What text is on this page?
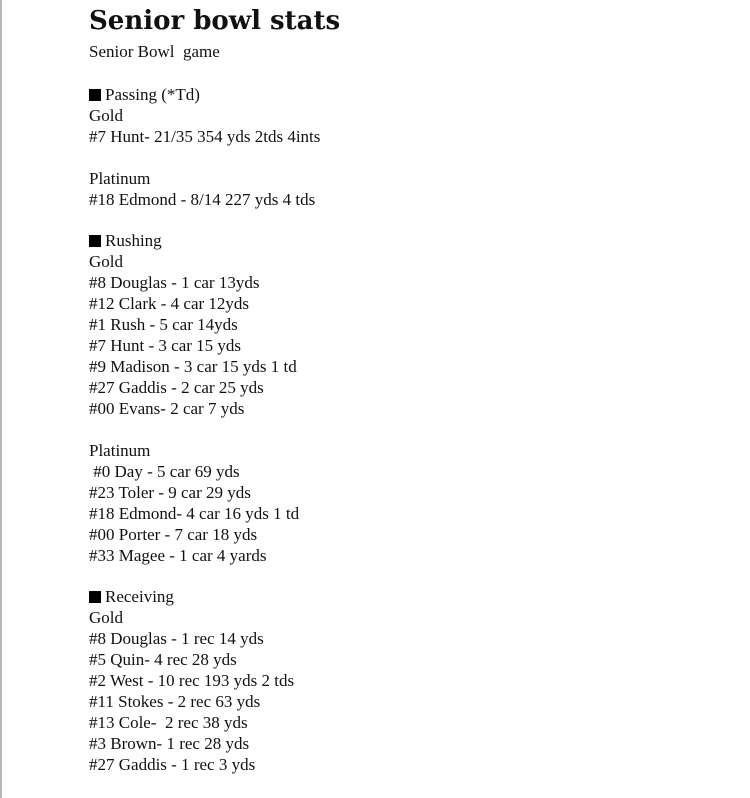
Senior bowl stats
Senior Bowl  game
Passing (*Td)
Gold
#7 Hunt- 21/35 354 yds 2tds 4ints
Platinum
#18 Edmond - 8/14 227 yds 4 tds
Rushing
Gold
#8 Douglas - 1 car 13yds
#12 Clark - 4 car 12yds
#1 Rush - 5 car 14yds
#7 Hunt - 3 car 15 yds
#9 Madison - 3 car 15 yds 1 td
#27 Gaddis - 2 car 25 yds
#00 Evans- 2 car 7 yds
Platinum
#0 Day - 5 car 69 yds
#23 Toler - 9 car 29 yds
#18 Edmond- 4 car 16 yds 1 td
#00 Porter - 7 car 18 yds
#33 Magee - 1 car 4 yards
Receiving
Gold
#8 Douglas - 1 rec 14 yds
#5 Quin- 4 rec 28 yds
#2 West - 10 rec 193 yds 2 tds
#11 Stokes - 2 rec 63 yds
#13 Cole-  2 rec 38 yds
#3 Brown- 1 rec 28 yds
#27 Gaddis - 1 rec 3 yds
